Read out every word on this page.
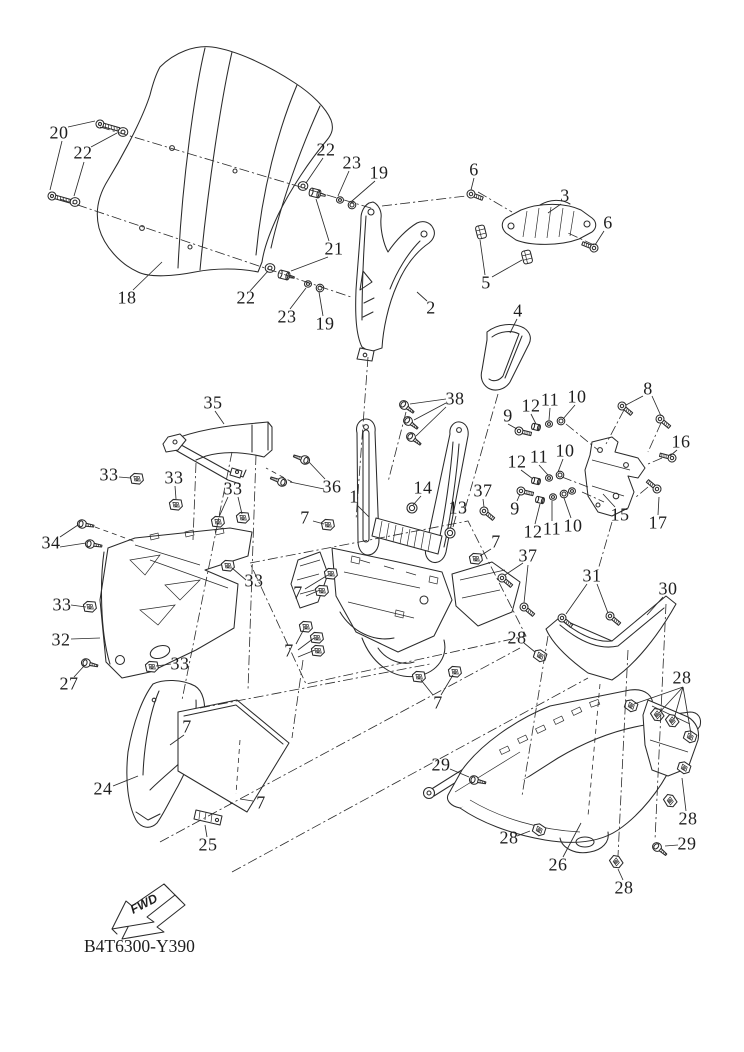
FWD
20
22
18
22
23 19
21
22
23 19
6
3
6
5
2	4
35	38	8
9 12 11 10
16
12 11 10
9
12 11 10
15 17
33	33
33	36
34
1	14
13
37
7
7
33
33
32
7
37
31
30
28
7
27
33
28
7
7
29
24
7
28
28	29
25
26
28
B4T6300-Y390
